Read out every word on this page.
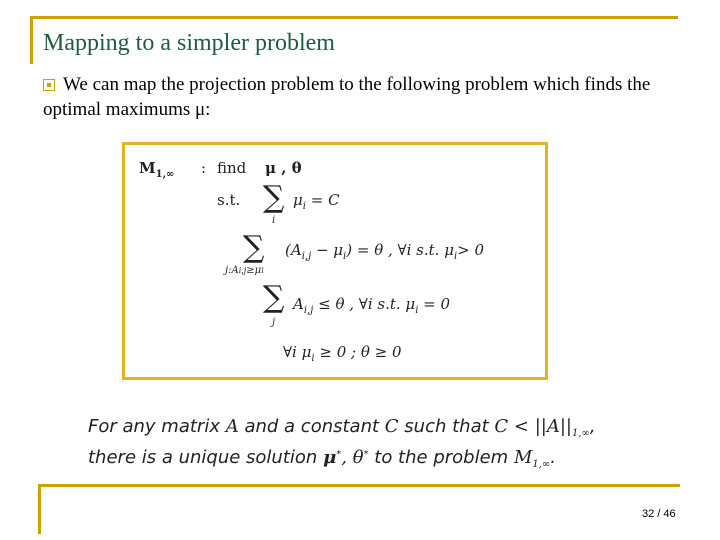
Mapping to a simpler problem
We can map the projection problem to the following problem which finds the optimal maximums μ:
$M_{1,\infty}$ : find μ , θ
s.t. ∑
i
$\mu_i = C$
∑
j:Ai,j≥μi
$(A_{i,j} - \mu_i) = \theta$ , ∀i s.t. $\mu_i> 0$
∑
j
$A_{i,j} \le \theta$ , ∀i s.t. $\mu_i = 0$
∀i $\mu_i \ge 0$ ; θ ≥ 0
For any matrix A and a constant C such that $C < ||A||_{1,\infty}$,
there is a unique solution μ*, θ* to the problem $M_{1,\infty}$.
32 / 46
